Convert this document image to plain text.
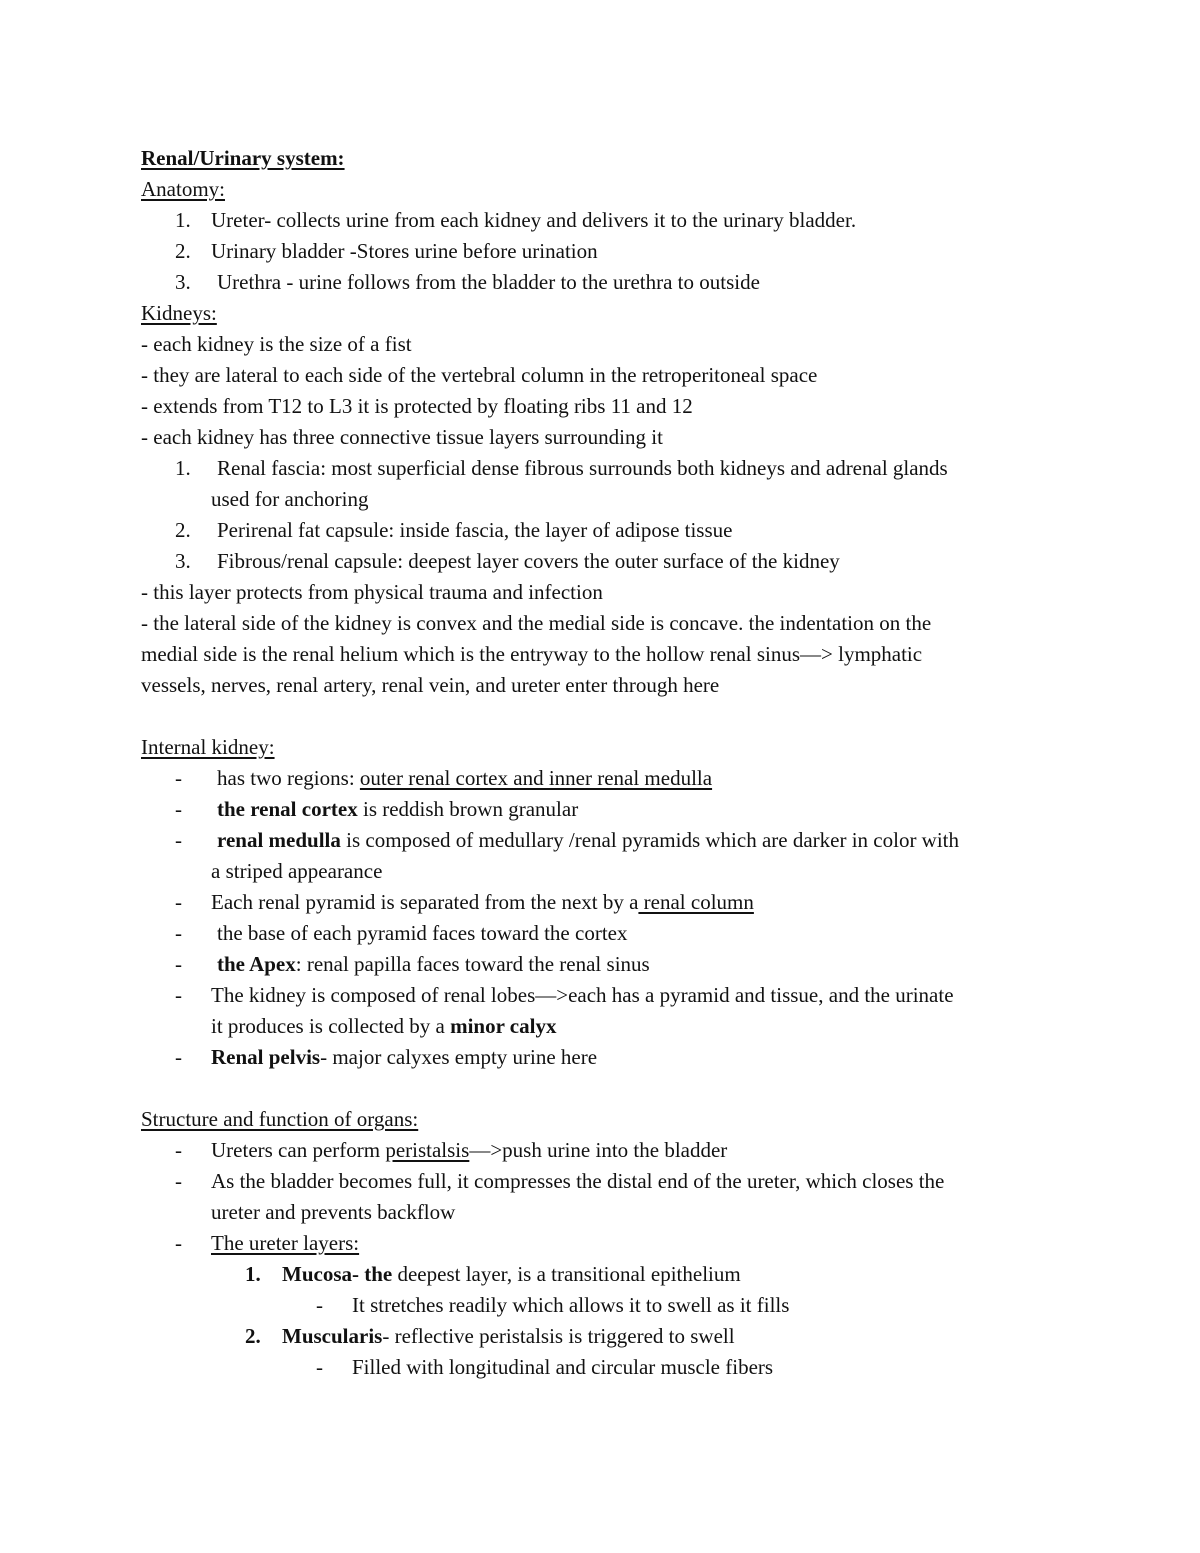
Renal/Urinary system:
Anatomy:
1. Ureter- collects urine from each kidney and delivers it to the urinary bladder.
2. Urinary bladder -Stores urine before urination
3. Urethra - urine follows from the bladder to the urethra to outside
Kidneys:
- each kidney is the size of a fist
- they are lateral to each side of the vertebral column in the retroperitoneal space
- extends from T12 to L3 it is protected by floating ribs 11 and 12
- each kidney has three connective tissue layers surrounding it
1. Renal fascia: most superficial dense fibrous surrounds both kidneys and adrenal glands
used for anchoring
2. Perirenal fat capsule: inside fascia, the layer of adipose tissue
3. Fibrous/renal capsule: deepest layer covers the outer surface of the kidney
- this layer protects from physical trauma and infection
- the lateral side of the kidney is convex and the medial side is concave. the indentation on the
medial side is the renal helium which is the entryway to the hollow renal sinus—> lymphatic
vessels, nerves, renal artery, renal vein, and ureter enter through here
Internal kidney:
- has two regions: outer renal cortex and inner renal medulla
- the renal cortex is reddish brown granular
- renal medulla is composed of medullary /renal pyramids which are darker in color with
a striped appearance
- Each renal pyramid is separated from the next by a renal column
- the base of each pyramid faces toward the cortex
- the Apex: renal papilla faces toward the renal sinus
- The kidney is composed of renal lobes—>each has a pyramid and tissue, and the urinate
it produces is collected by a minor calyx
- Renal pelvis- major calyxes empty urine here
Structure and function of organs:
- Ureters can perform peristalsis—>push urine into the bladder
- As the bladder becomes full, it compresses the distal end of the ureter, which closes the
ureter and prevents backflow
- The ureter layers:
1. Mucosa- the deepest layer, is a transitional epithelium
- It stretches readily which allows it to swell as it fills
2. Muscularis- reflective peristalsis is triggered to swell
- Filled with longitudinal and circular muscle fibers
